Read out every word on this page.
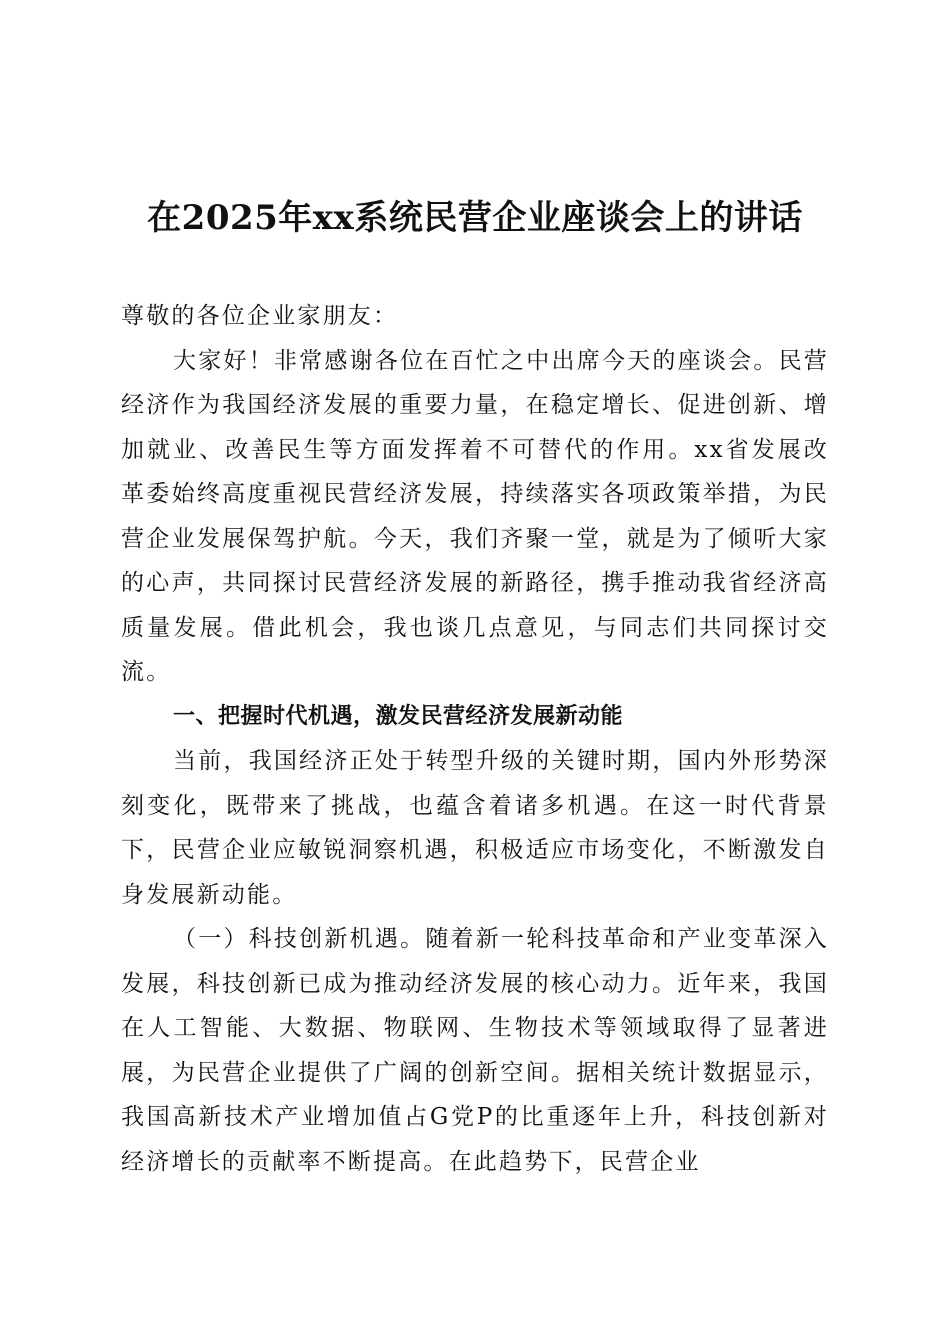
在2025年xx系统民营企业座谈会上的讲话

尊敬的各位企业家朋友：

大家好！非常感谢各位在百忙之中出席今天的座谈会。民营经济作为我国经济发展的重要力量，在稳定增长、促进创新、增加就业、改善民生等方面发挥着不可替代的作用。xx省发展改革委始终高度重视民营经济发展，持续落实各项政策举措，为民营企业发展保驾护航。今天，我们齐聚一堂，就是为了倾听大家的心声，共同探讨民营经济发展的新路径，携手推动我省经济高质量发展。借此机会，我也谈几点意见，与同志们共同探讨交流。

一、把握时代机遇，激发民营经济发展新动能

当前，我国经济正处于转型升级的关键时期，国内外形势深刻变化，既带来了挑战，也蕴含着诸多机遇。在这一时代背景下，民营企业应敏锐洞察机遇，积极适应市场变化，不断激发自身发展新动能。

（一）科技创新机遇。随着新一轮科技革命和产业变革深入发展，科技创新已成为推动经济发展的核心动力。近年来，我国在人工智能、大数据、物联网、生物技术等领域取得了显著进展，为民营企业提供了广阔的创新空间。据相关统计数据显示，我国高新技术产业增加值占G党P的比重逐年上升，科技创新对经济增长的贡献率不断提高。在此趋势下，民营企业
